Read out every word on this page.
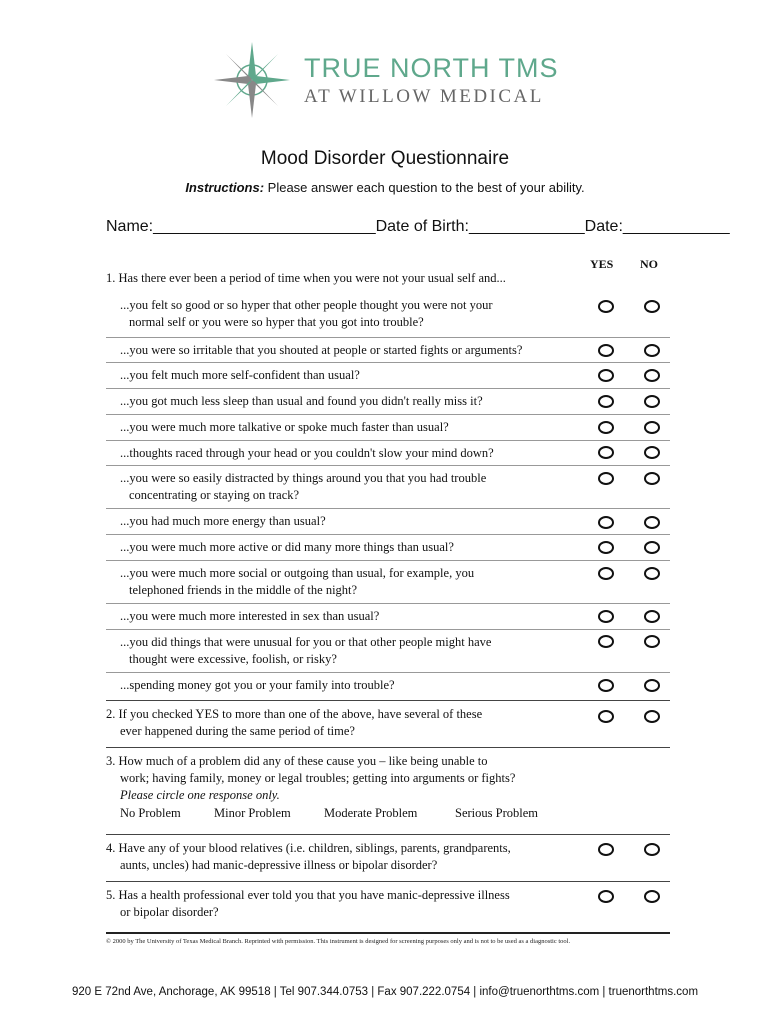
TRUE NORTH TMS
AT WILLOW MEDICAL
Mood Disorder Questionnaire
Instructions: Please answer each question to the best of your ability.
Name:_________________________ Date of Birth:_____________ Date:____________
YES NO
1. Has there ever been a period of time when you were not your usual self and...
...you felt so good or so hyper that other people thought you were not your
normal self or you were so hyper that you got into trouble?
...you were so irritable that you shouted at people or started fights or arguments?
...you felt much more self-confident than usual?
...you got much less sleep than usual and found you didn't really miss it?
...you were much more talkative or spoke much faster than usual?
...thoughts raced through your head or you couldn't slow your mind down?
...you were so easily distracted by things around you that you had trouble
concentrating or staying on track?
...you had much more energy than usual?
...you were much more active or did many more things than usual?
...you were much more social or outgoing than usual, for example, you
telephoned friends in the middle of the night?
...you were much more interested in sex than usual?
...you did things that were unusual for you or that other people might have
thought were excessive, foolish, or risky?
...spending money got you or your family into trouble?
2. If you checked YES to more than one of the above, have several of these
ever happened during the same period of time?
3. How much of a problem did any of these cause you – like being unable to
work; having family, money or legal troubles; getting into arguments or fights?
Please circle one response only.
No Problem	Minor Problem	Moderate Problem	Serious Problem
4. Have any of your blood relatives (i.e. children, siblings, parents, grandparents,
aunts, uncles) had manic-depressive illness or bipolar disorder?
5. Has a health professional ever told you that you have manic-depressive illness
or bipolar disorder?
© 2000 by The University of Texas Medical Branch. Reprinted with permission. This instrument is designed for screening purposes only and is not to be used as a diagnostic tool.
920 E 72nd Ave, Anchorage, AK 99518 | Tel 907.344.0753 | Fax 907.222.0754 | info@truenorthtms.com | truenorthtms.com
